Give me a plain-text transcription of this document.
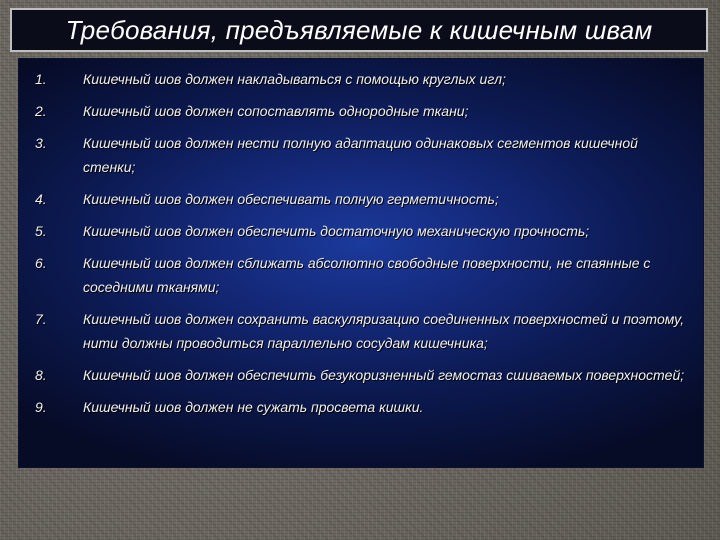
Требования, предъявляемые к кишечным швам
1.	Кишечный шов должен накладываться с помощью круглых игл;
2.	Кишечный шов должен сопоставлять однородные ткани;
3.	Кишечный шов должен нести полную адаптацию одинаковых сегментов кишечной стенки;
4.	Кишечный шов должен обеспечивать полную герметичность;
5.	Кишечный шов должен обеспечить достаточную механическую прочность;
6.	Кишечный шов должен сближать абсолютно свободные поверхности, не спаянные с соседними тканями;
7.	Кишечный шов должен сохранить васкуляризацию соединенных поверхностей и поэтому, нити должны проводиться параллельно сосудам кишечника;
8.	Кишечный шов должен обеспечить безукоризненный гемостаз сшиваемых поверхностей;
9.	Кишечный шов должен не сужать просвета кишки.
